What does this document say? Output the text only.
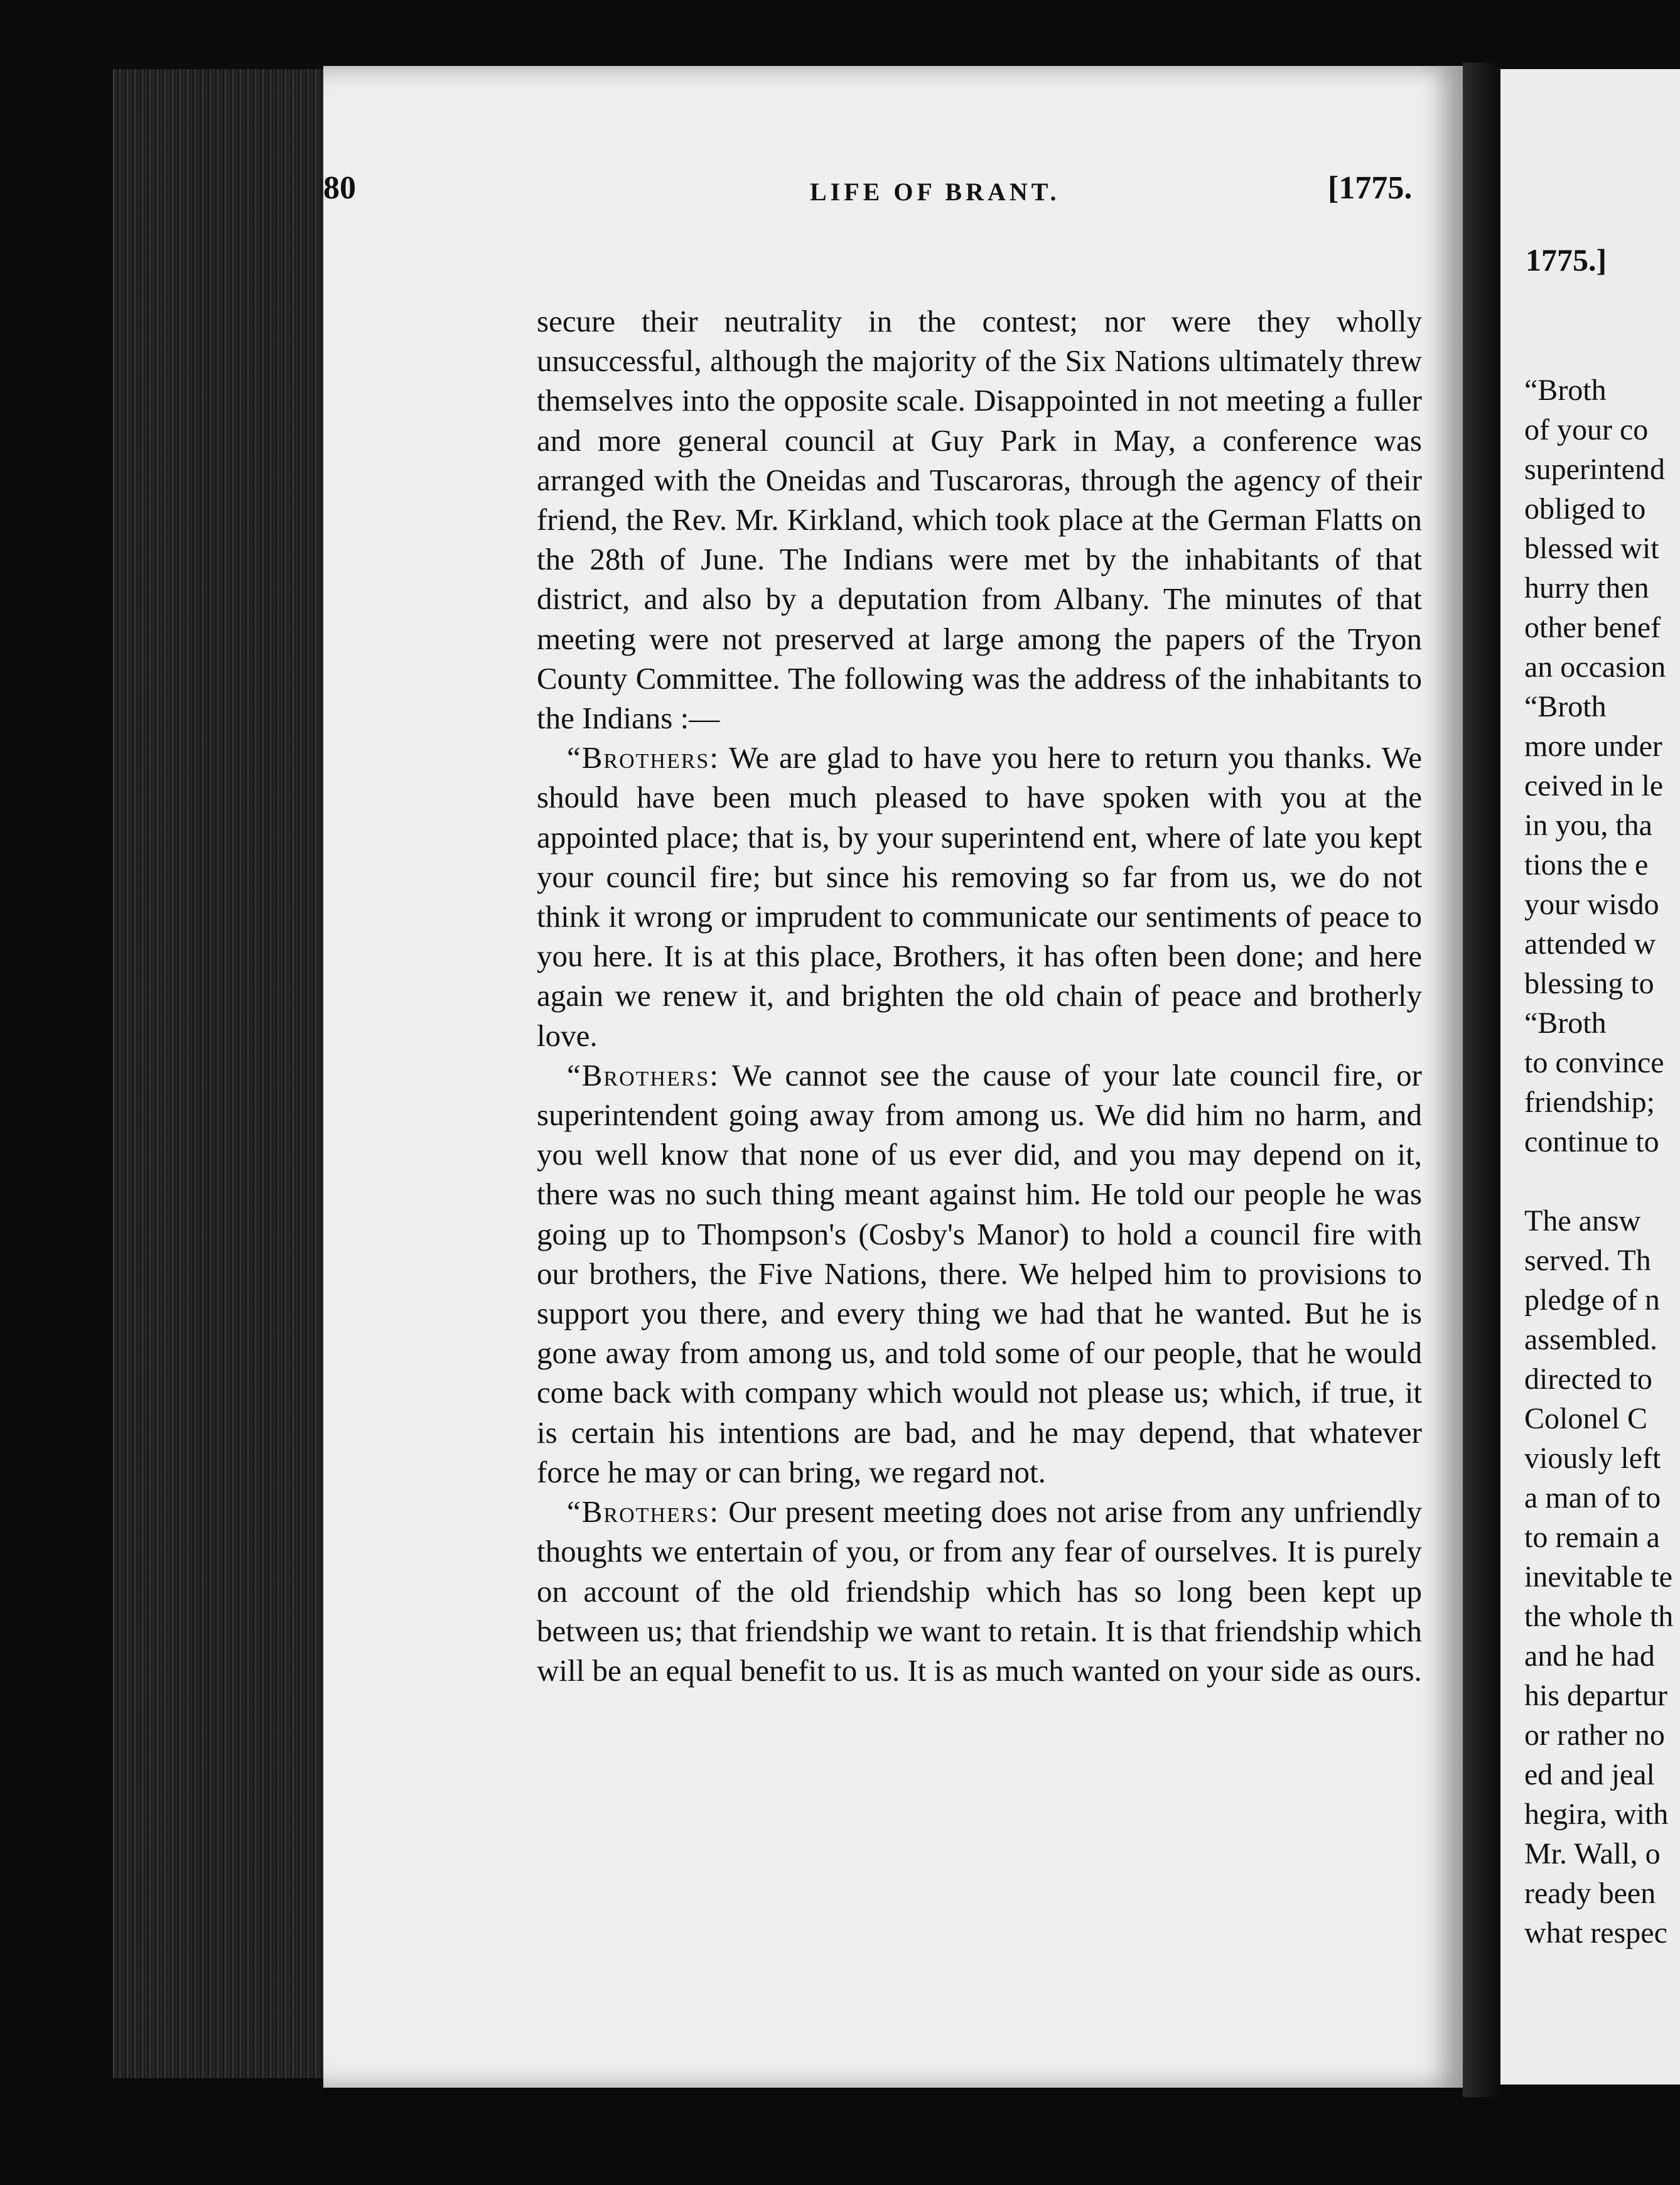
1775.]
“Broth
of your co
superintend
obliged to
blessed wit
hurry then
other benef
an occasion
“Broth
more under
ceived in le
in you, tha
tions the e
your wisdo
attended w
blessing to
“Broth
to convince
friendship;
continue to
The answ
served. Th
pledge of n
assembled.
directed to
Colonel C
viously left
a man of to
to remain a
inevitable te
the whole th
and he had
his departur
or rather no
ed and jeal
hegira, with
Mr. Wall, o
ready been
what respec
80	LIFE OF BRANT.	[1775.

secure their neutrality in the contest; nor were they wholly unsuccessful, although the majority of the Six Nations ultimately threw themselves into the opposite scale. Disappointed in not meeting a fuller and more general council at Guy Park in May, a conference was arranged with the Oneidas and Tuscaroras, through the agency of their friend, the Rev. Mr. Kirkland, which took place at the German Flatts on the 28th of June. The Indians were met by the inhabitants of that district, and also by a deputation from Albany. The minutes of that meeting were not preserved at large among the papers of the Tryon County Committee. The following was the address of the inhabitants to the Indians :—

“Brothers: We are glad to have you here to return you thanks. We should have been much pleased to have spoken with you at the appointed place; that is, by your superintend ent, where of late you kept your council fire; but since his removing so far from us, we do not think it wrong or imprudent to communicate our sentiments of peace to you here. It is at this place, Brothers, it has often been done; and here again we renew it, and brighten the old chain of peace and brotherly love.

“Brothers: We cannot see the cause of your late council fire, or superintendent going away from among us. We did him no harm, and you well know that none of us ever did, and you may depend on it, there was no such thing meant against him. He told our people he was going up to Thompson's (Cosby's Manor) to hold a council fire with our brothers, the Five Nations, there. We helped him to provisions to support you there, and every thing we had that he wanted. But he is gone away from among us, and told some of our people, that he would come back with company which would not please us; which, if true, it is certain his intentions are bad, and he may depend, that whatever force he may or can bring, we regard not.

“Brothers: Our present meeting does not arise from any unfriendly thoughts we entertain of you, or from any fear of ourselves. It is purely on account of the old friendship which has so long been kept up between us; that friendship we want to retain. It is that friendship which will be an equal benefit to us. It is as much wanted on your side as ours.
